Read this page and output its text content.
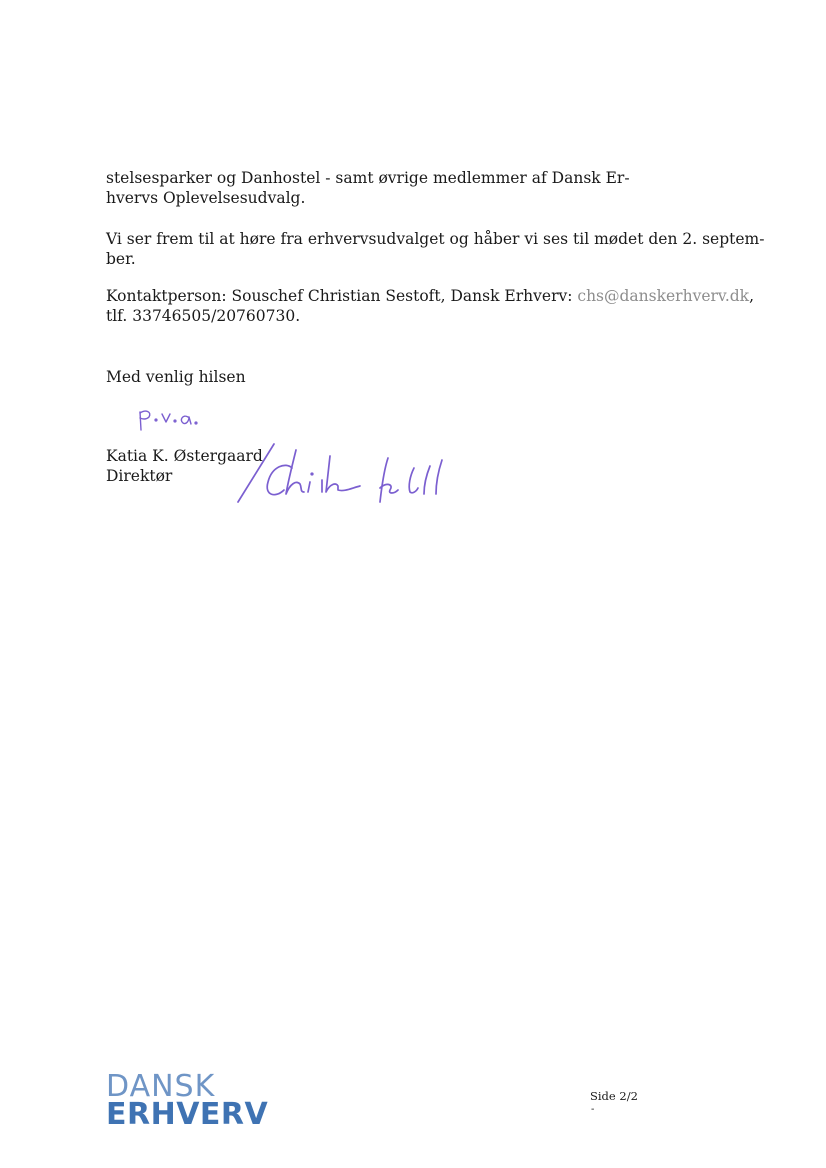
stelsesparker og Danhostel - samt øvrige medlemmer af Dansk Er-
hvervs Oplevelsesudvalg.

Vi ser frem til at høre fra erhvervsudvalget og håber vi ses til mødet den 2. septem-
ber.

Kontaktperson: Souschef Christian Sestoft, Dansk Erhverv: chs@danskerhverv.dk,
tlf. 33746505/20760730.

Med venlig hilsen

Katia K. Østergaard
Direktør
DANSK
ERHVERV
Side 2/2
-
